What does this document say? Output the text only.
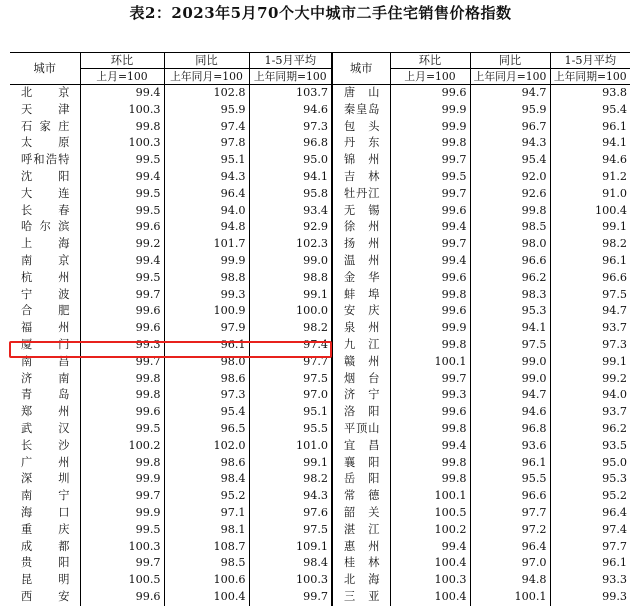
表2：2023年5月70个大中城市二手住宅销售价格指数
城市	环比	同比	1-5月平均	城市	环比	同比	1-5月平均
	上月=100	上年同月=100	上年同期=100		上月=100	上年同月=100	上年同期=100
北 京	99.4	102.8	103.7	唐 山	99.6	94.7	93.8
天 津	100.3	95.9	94.6	秦皇岛	99.9	95.9	95.4
石家庄	99.8	97.4	97.3	包 头	99.9	96.7	96.1
太 原	100.3	97.8	96.8	丹 东	99.8	94.3	94.1
呼和浩特	99.5	95.1	95.0	锦 州	99.7	95.4	94.6
沈 阳	99.4	94.3	94.1	吉 林	99.5	92.0	91.2
大 连	99.5	96.4	95.8	牡丹江	99.7	92.6	91.0
长 春	99.5	94.0	93.4	无 锡	99.6	99.8	100.4
哈尔滨	99.6	94.8	92.9	徐 州	99.4	98.5	99.1
上 海	99.2	101.7	102.3	扬 州	99.7	98.0	98.2
南 京	99.4	99.9	99.0	温 州	99.4	96.6	96.1
杭 州	99.5	98.8	98.8	金 华	99.6	96.2	96.6
宁 波	99.7	99.3	99.1	蚌 埠	99.8	98.3	97.5
合 肥	99.6	100.9	100.0	安 庆	99.6	95.3	94.7
福 州	99.6	97.9	98.2	泉 州	99.9	94.1	93.7
厦 门	99.3	96.1	97.4	九 江	99.8	97.5	97.3
南 昌	99.7	98.0	97.7	赣 州	100.1	99.0	99.1
济 南	99.8	98.6	97.5	烟 台	99.7	99.0	99.2
青 岛	99.8	97.3	97.0	济 宁	99.3	94.7	94.0
郑 州	99.6	95.4	95.1	洛 阳	99.6	94.6	93.7
武 汉	99.5	96.5	95.5	平顶山	99.8	96.8	96.2
长 沙	100.2	102.0	101.0	宜 昌	99.4	93.6	93.5
广 州	99.8	98.6	99.1	襄 阳	99.8	96.1	95.0
深 圳	99.9	98.4	98.2	岳 阳	99.8	95.5	95.3
南 宁	99.7	95.2	94.3	常 德	100.1	96.6	95.2
海 口	99.9	97.1	97.6	韶 关	100.5	97.7	96.4
重 庆	99.5	98.1	97.5	湛 江	100.2	97.2	97.4
成 都	100.3	108.7	109.1	惠 州	99.4	96.4	97.7
贵 阳	99.7	98.5	98.4	桂 林	100.4	97.0	96.1
昆 明	100.5	100.6	100.3	北 海	100.3	94.8	93.3
西 安	99.6	100.4	99.7	三 亚	100.4	100.1	99.3
